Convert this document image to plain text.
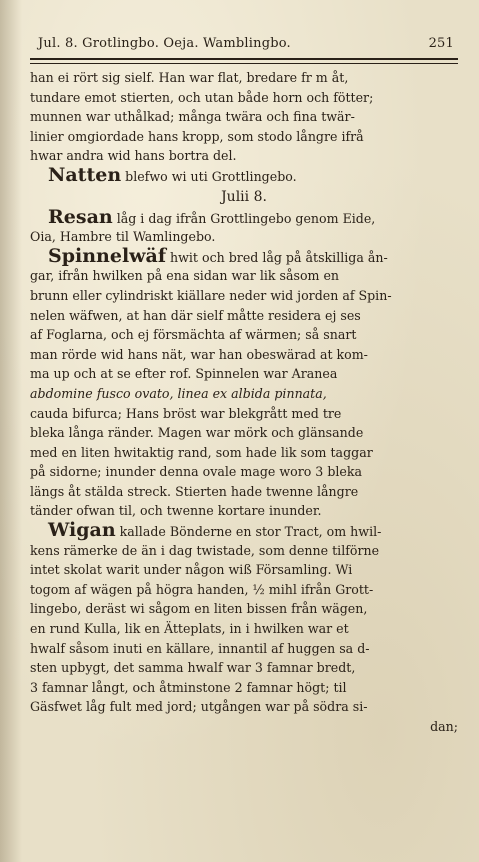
Jul. 8. Grotlingbo. Oeja. Wamblingbo.	251
han ei rört sig sielf. Han war flat, bredare fr m åt,
tundare emot stierten, och utan både horn och fötter;
munnen war uthålkad; många twära och fina twär-
linier omgiordade hans kropp, som stodo långre ifrå
hwar andra wid hans bortra del.
Natten blefwo wi uti Grottlingebo.
Julii 8.
Resan låg i dag ifrån Grottlingebo genom Eide,
Oia, Hambre til Wamlingebo.
Spinnelwäf hwit och bred låg på åtskilliga ån-
gar, ifrån hwilken på ena sidan war lik såsom en
brunn eller cylindriskt kiällare neder wid jorden af Spin-
nelen wäfwen, at han där sielf måtte residera ej ses
af Foglarna, och ej försmächta af wärmen; så snart
man rörde wid hans nät, war han obeswärad at kom-
ma up och at se efter rof. Spinnelen war Aranea
abdomine fusco ovato, linea ex albida pinnata,
cauda bifurca; Hans bröst war blekgrått med tre
bleka långa ränder. Magen war mörk och glänsande
med en liten hwitaktig rand, som hade lik som taggar
på sidorne; inunder denna ovale mage woro 3 bleka
längs åt stälda streck. Stierten hade twenne långre
tänder ofwan til, och twenne kortare inunder.
Wigan kallade Bönderne en stor Tract, om hwil-
kens rämerke de än i dag twistade, som denne tilförne
intet skolat warit under någon wiß Församling. Wi
togom af wägen på högra handen, ½ mihl ifrån Grott-
lingebo, deräst wi sågom en liten bissen från wägen,
en rund Kulla, lik en Ätteplats, in i hwilken war et
hwalf såsom inuti en källare, innantil af huggen sa d-
sten upbygt, det samma hwalf war 3 famnar bredt,
3 famnar långt, och åtminstone 2 famnar högt; til
Gäsfwet låg fult med jord; utgången war på södra si-
dan;
